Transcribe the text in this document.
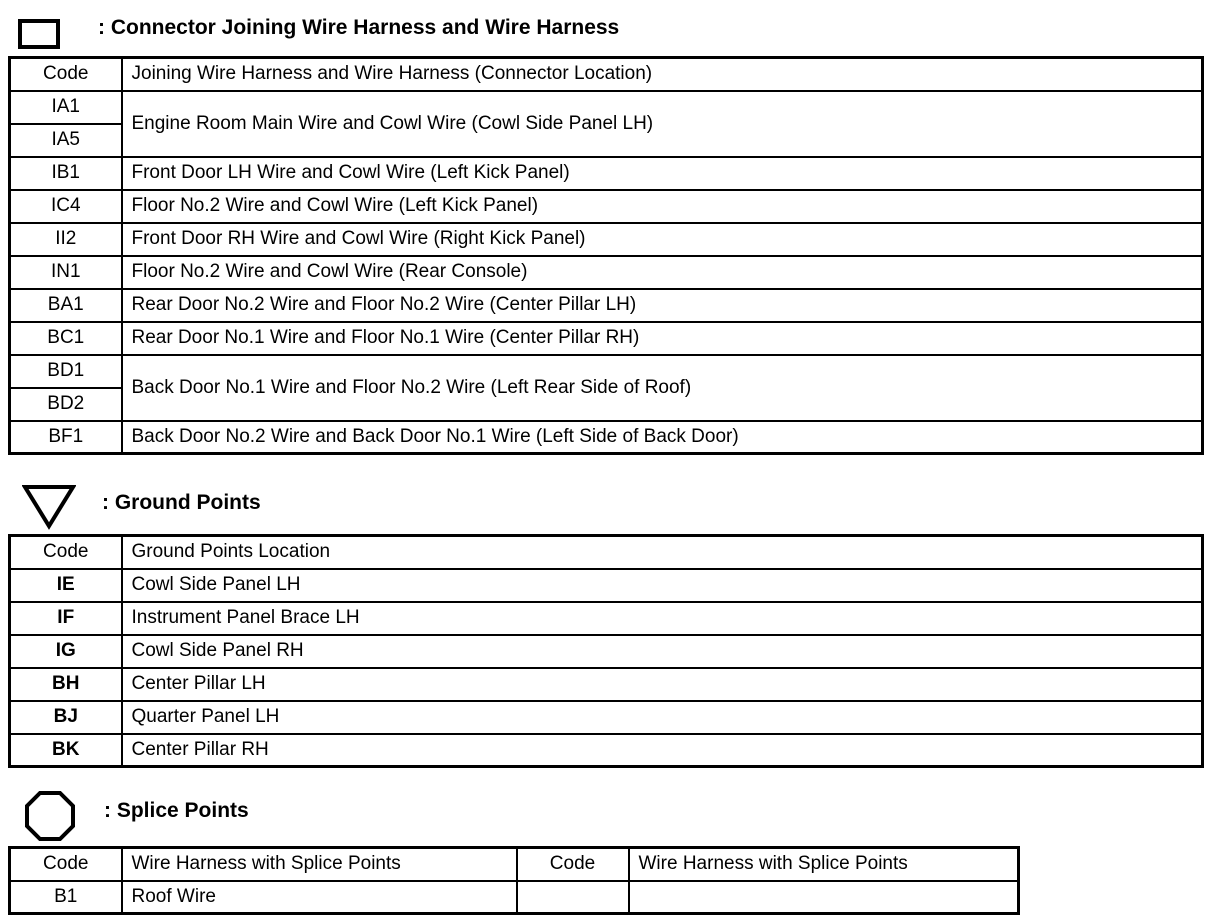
: Connector Joining Wire Harness and Wire Harness
Code	Joining Wire Harness and Wire Harness (Connector Location)
IA1	Engine Room Main Wire and Cowl Wire (Cowl Side Panel LH)
IA5	
IB1	Front Door LH Wire and Cowl Wire (Left Kick Panel)
IC4	Floor No.2 Wire and Cowl Wire (Left Kick Panel)
II2	Front Door RH Wire and Cowl Wire (Right Kick Panel)
IN1	Floor No.2 Wire and Cowl Wire (Rear Console)
BA1	Rear Door No.2 Wire and Floor No.2 Wire (Center Pillar LH)
BC1	Rear Door No.1 Wire and Floor No.1 Wire (Center Pillar RH)
BD1	Back Door No.1 Wire and Floor No.2 Wire (Left Rear Side of Roof)
BD2	
BF1	Back Door No.2 Wire and Back Door No.1 Wire (Left Side of Back Door)
: Ground Points
Code	Ground Points Location
IE	Cowl Side Panel LH
IF	Instrument Panel Brace LH
IG	Cowl Side Panel RH
BH	Center Pillar LH
BJ	Quarter Panel LH
BK	Center Pillar RH
: Splice Points
Code	Wire Harness with Splice Points	Code	Wire Harness with Splice Points
B1	Roof Wire		
